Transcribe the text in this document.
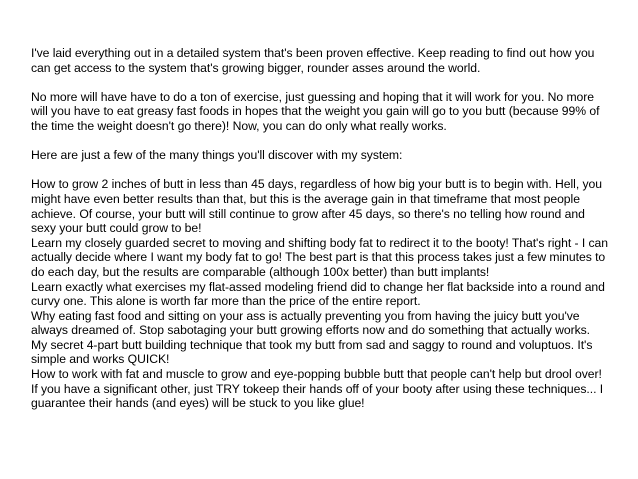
I've laid everything out in a detailed system that's been proven effective. Keep reading to find out how you can get access to the system that's growing bigger, rounder asses around the world.

No more will have have to do a ton of exercise, just guessing and hoping that it will work for you. No more will you have to eat greasy fast foods in hopes that the weight you gain will go to you butt (because 99% of the time the weight doesn't go there)! Now, you can do only what really works.

Here are just a few of the many things you'll discover with my system:

How to grow 2 inches of butt in less than 45 days, regardless of how big your butt is to begin with. Hell, you might have even better results than that, but this is the average gain in that timeframe that most people achieve. Of course, your butt will still continue to grow after 45 days, so there's no telling how round and sexy your butt could grow to be!
Learn my closely guarded secret to moving and shifting body fat to redirect it to the booty! That's right - I can actually decide where I want my body fat to go! The best part is that this process takes just a few minutes to do each day, but the results are comparable (although 100x better) than butt implants!
Learn exactly what exercises my flat-assed modeling friend did to change her flat backside into a round and curvy one. This alone is worth far more than the price of the entire report.
Why eating fast food and sitting on your ass is actually preventing you from having the juicy butt you've always dreamed of. Stop sabotaging your butt growing efforts now and do something that actually works.
My secret 4-part butt building technique that took my butt from sad and saggy to round and voluptuos. It's simple and works QUICK!
How to work with fat and muscle to grow and eye-popping bubble butt that people can't help but drool over! If you have a significant other, just TRY tokeep their hands off of your booty after using these techniques... I guarantee their hands (and eyes) will be stuck to you like glue!
